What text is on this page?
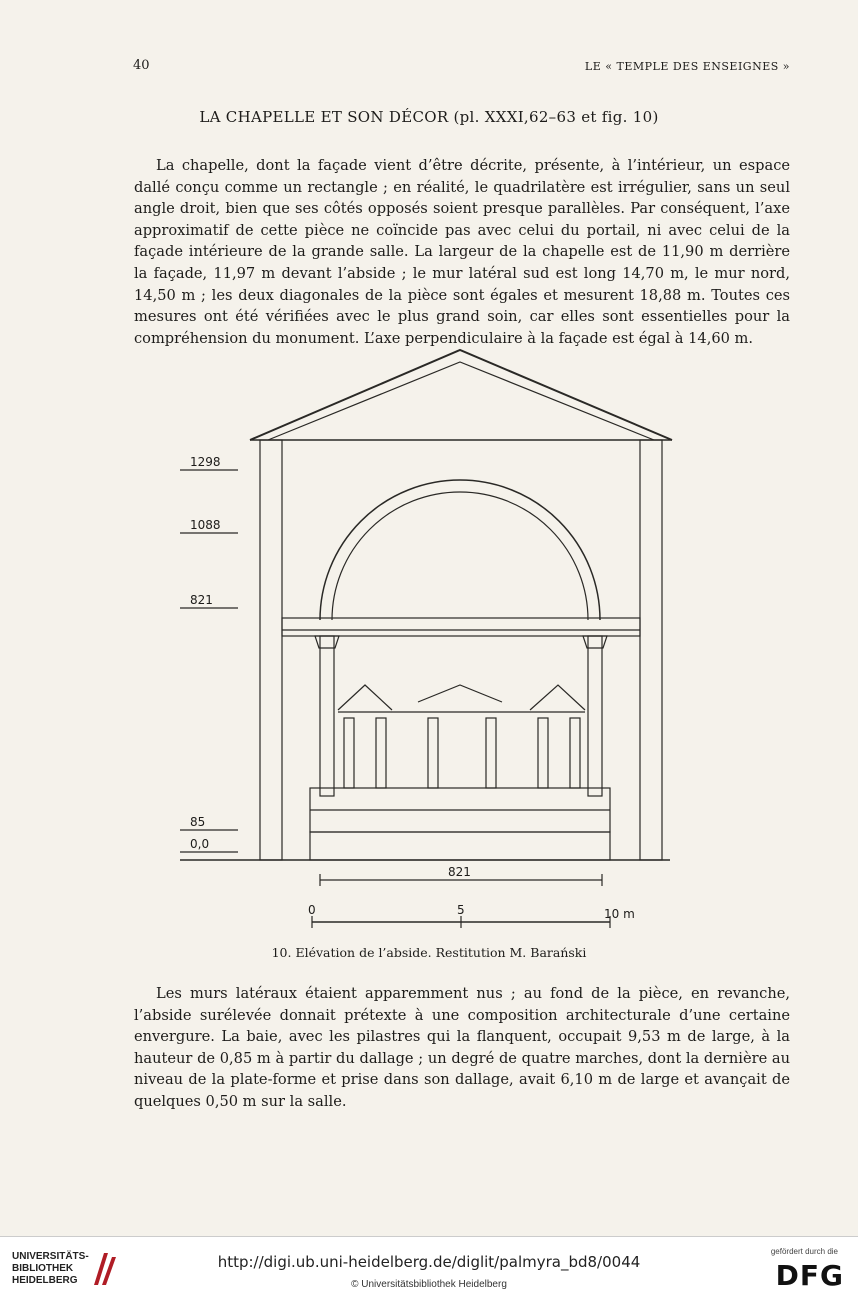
40	LE « TEMPLE DES ENSEIGNES »
LA CHAPELLE ET SON DÉCOR (pl. XXXI,62–63 et fig. 10)

La chapelle, dont la façade vient d’être décrite, présente, à l’intérieur, un espace dallé conçu comme un rectangle ; en réalité, le quadrilatère est irrégulier, sans un seul angle droit, bien que ses côtés opposés soient presque parallèles. Par conséquent, l’axe approximatif de cette pièce ne coïncide pas avec celui du portail, ni avec celui de la façade intérieure de la grande salle. La largeur de la chapelle est de 11,90 m derrière la façade, 11,97 m devant l’abside ; le mur latéral sud est long 14,70 m, le mur nord, 14,50 m ; les deux diagonales de la pièce sont égales et mesurent 18,88 m. Toutes ces mesures ont été vérifiées avec le plus grand soin, car elles sont essentielles pour la compréhension du monument. L’axe perpendiculaire à la façade est égal à 14,60 m.

1298
1088
821
85
0,0
821
0	5	10 m
10. Elévation de l’abside. Restitution M. Barański

Les murs latéraux étaient apparemment nus ; au fond de la pièce, en revanche, l’abside surélevée donnait prétexte à une composition architecturale d’une certaine envergure. La baie, avec les pilastres qui la flanquent, occupait 9,53 m de large, à la hauteur de 0,85 m à partir du dallage ; un degré de quatre marches, dont la dernière au niveau de la plate-forme et prise dans son dallage, avait 6,10 m de large et avançait de quelques 0,50 m sur la salle.

UNIVERSITÄTS-
BIBLIOTHEK
HEIDELBERG
http://digi.ub.uni-heidelberg.de/diglit/palmyra_bd8/0044
© Universitätsbibliothek Heidelberg
gefördert durch die
DFG
